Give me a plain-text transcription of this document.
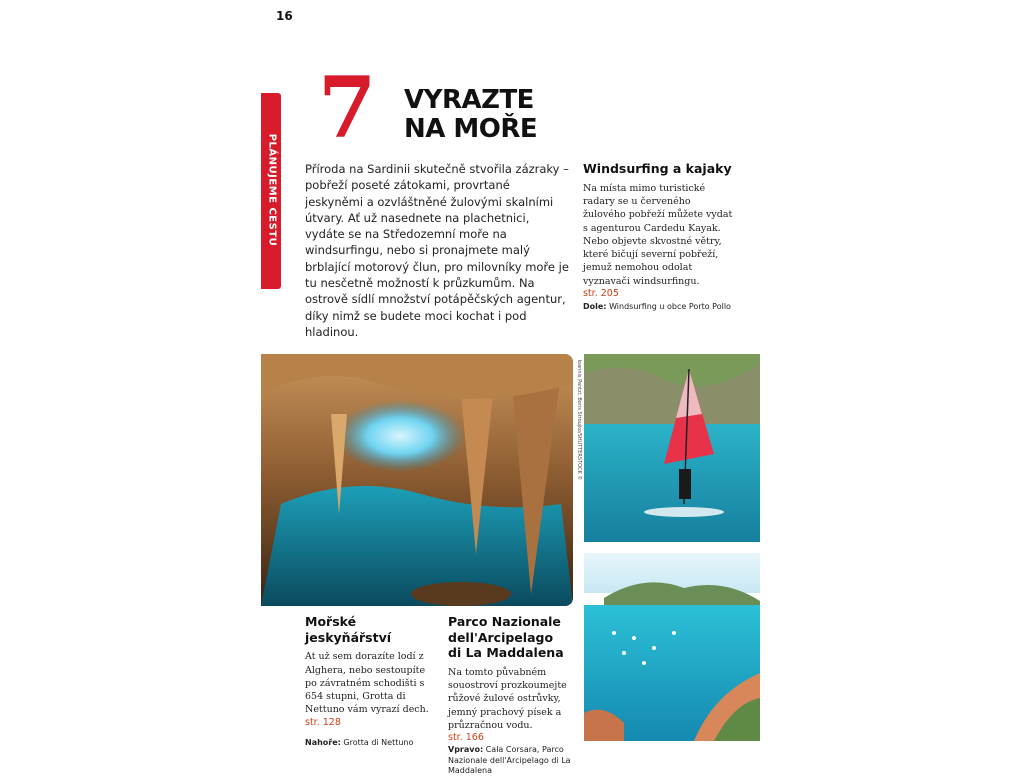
16
PLÁNUJEME CESTU
7 VYRAZTE
NA MOŘE
Příroda na Sardinii skutečně stvořila zázraky – pobřeží poseté zátokami, provrtané jeskyněmi a ozvláštněné žulovými skalními útvary. Ať už nasednete na plachetnici, vydáte se na Středozemní moře na windsurfingu, nebo si pronajmete malý brblající motorový člun, pro milovníky moře je tu nesčetně možností k průzkumům. Na ostrově sídlí množství potápěčských agentur, díky nimž se budete moci kochat i pod hladinou.
Windsurfing a kajaky
Na místa mimo turistické radary se u červeného žulového pobřeží můžete vydat s agenturou Cardedu Kayak. Nebo objevte skvostné větry, které bičují severní pobřeží, jemuž nemohou odolat vyznavači windsurfingu.
str. 205
Dole: Windsurfing u obce Porto Pollo
Ioannis Pantzi; Boris Stroujko/SHUTTERSTOCK ©
Mořské
jeskyňářství
At už sem dorazíte lodí z Alghera, nebo sestoupíte po závratném schodišti s 654 stupni, Grotta di Nettuno vám vyrazí dech.
str. 128
Nahoře: Grotta di Nettuno
Parco Nazionale
dell'Arcipelago
di La Maddalena
Na tomto půvabném souostroví prozkoumejte růžové žulové ostrůvky, jemný prachový písek a průzračnou vodu.
str. 166
Vpravo: Cala Corsara, Parco Nazionale dell'Arcipelago di La Maddalena
